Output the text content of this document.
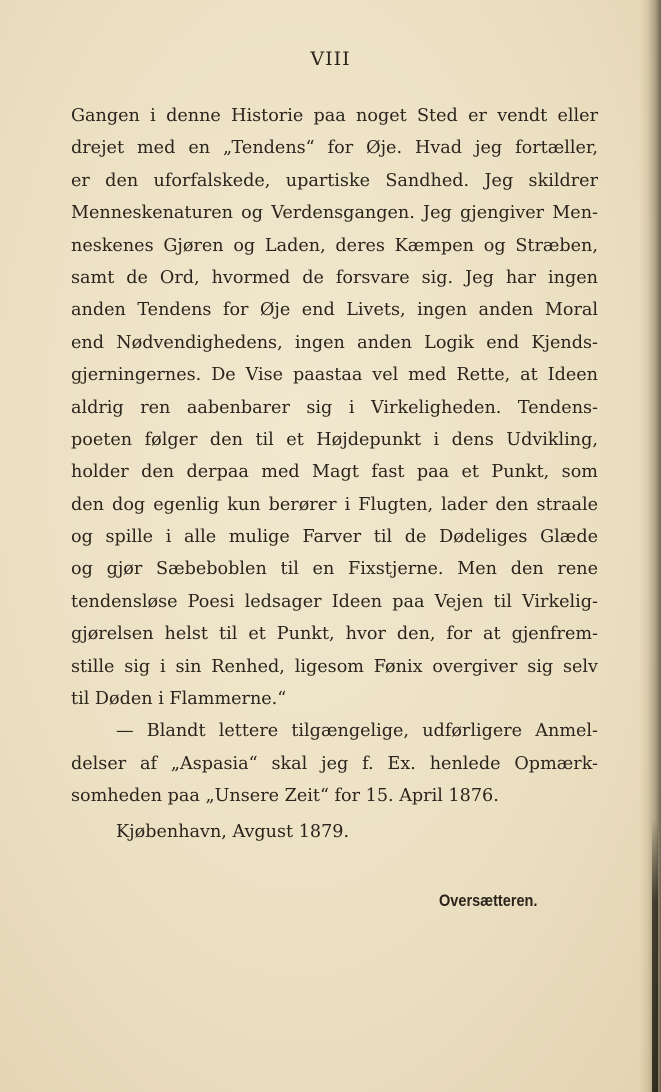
VIII
Gangen i denne Historie paa noget Sted er vendt eller
drejet med en „Tendens“ for Øje. Hvad jeg fortæller,
er den uforfalskede, upartiske Sandhed. Jeg skildrer
Menneskenaturen og Verdensgangen. Jeg gjengiver Men-
neskenes Gjøren og Laden, deres Kæmpen og Stræben,
samt de Ord, hvormed de forsvare sig. Jeg har ingen
anden Tendens for Øje end Livets, ingen anden Moral
end Nødvendighedens, ingen anden Logik end Kjends-
gjerningernes. De Vise paastaa vel med Rette, at Ideen
aldrig ren aabenbarer sig i Virkeligheden. Tendens-
poeten følger den til et Højdepunkt i dens Udvikling,
holder den derpaa med Magt fast paa et Punkt, som
den dog egenlig kun berører i Flugten, lader den straale
og spille i alle mulige Farver til de Dødeliges Glæde
og gjør Sæbeboblen til en Fixstjerne. Men den rene
tendensløse Poesi ledsager Ideen paa Vejen til Virkelig-
gjørelsen helst til et Punkt, hvor den, for at gjenfrem-
stille sig i sin Renhed, ligesom Fønix overgiver sig selv
til Døden i Flammerne.“
— Blandt lettere tilgængelige, udførligere Anmel-
delser af „Aspasia“ skal jeg f. Ex. henlede Opmærk-
somheden paa „Unsere Zeit“ for 15. April 1876.
Kjøbenhavn, Avgust 1879.
Oversætteren.
